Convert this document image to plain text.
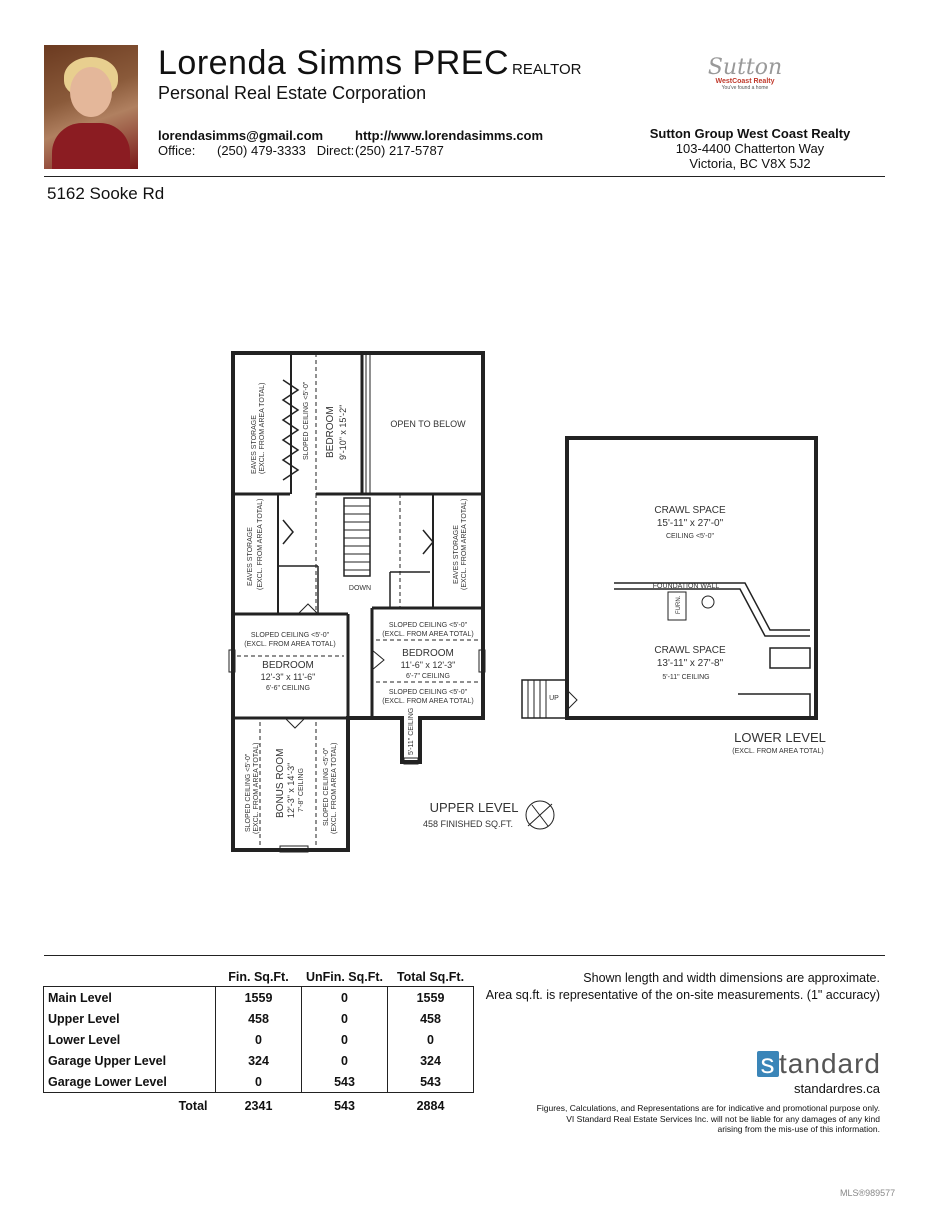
Lorenda Simms PREC REALTOR
Personal Real Estate Corporation
lorendasimms@gmail.com http://www.lorendasimms.com
Office:      (250) 479-3333   Direct: (250) 217-5787
Sutton
WestCoast Realty
You've found a home
Sutton Group West Coast Realty
103-4400 Chatterton Way
Victoria, BC V8X 5J2
5162 Sooke Rd
EAVES STORAGE (EXCL. FROM AREA TOTAL)	SLOPED CEILING <5'-0"
EAVES STORAGE (EXCL. FROM AREA TOTAL)	EAVES STORAGE (EXCL. FROM AREA TOTAL)
5'-11" CEILING
SLOPED CEILING <5'-0" (EXCL. FROM AREA TOTAL)	SLOPED CEILING <5'-0" (EXCL. FROM AREA TOTAL)
FURN.
BEDROOM 9'-10" x 15'-2"
BONUS ROOM 12'-3" x 14'-3" 7'-8" CEILING
OPEN TO BELOW
DOWN
SLOPED CEILING <5'-0"
(EXCL. FROM AREA TOTAL)
BEDROOM
12'-3" x 11'-6"
6'-6" CEILING
SLOPED CEILING <5'-0"
(EXCL. FROM AREA TOTAL)
BEDROOM
11'-6" x 12'-3"
6'-7" CEILING
SLOPED CEILING <5'-0"
(EXCL. FROM AREA TOTAL)
UPPER LEVEL
458 FINISHED SQ.FT.
CRAWL SPACE
15'-11" x 27'-0"
CEILING <5'-0"
FOUNDATION WALL
CRAWL SPACE
13'-11" x 27'-8"
5'-11" CEILING
UP
LOWER LEVEL
(EXCL. FROM AREA TOTAL)
	Fin. Sq.Ft.	UnFin. Sq.Ft.	Total Sq.Ft.
Main Level	1559	0	1559
Upper Level	458	0	458
Lower Level	0	0	0
Garage Upper Level	324	0	324
Garage Lower Level	0	543	543
Total	2341	543	2884
Shown length and width dimensions are approximate.
Area sq.ft. is representative of the on-site measurements. (1" accuracy)
s tandard
standardres.ca
Figures, Calculations, and Representations are for indicative and promotional purpose only.
VI Standard Real Estate Services Inc. will not be liable for any damages of any kind
arising from the mis-use of this information.
MLS®989577
